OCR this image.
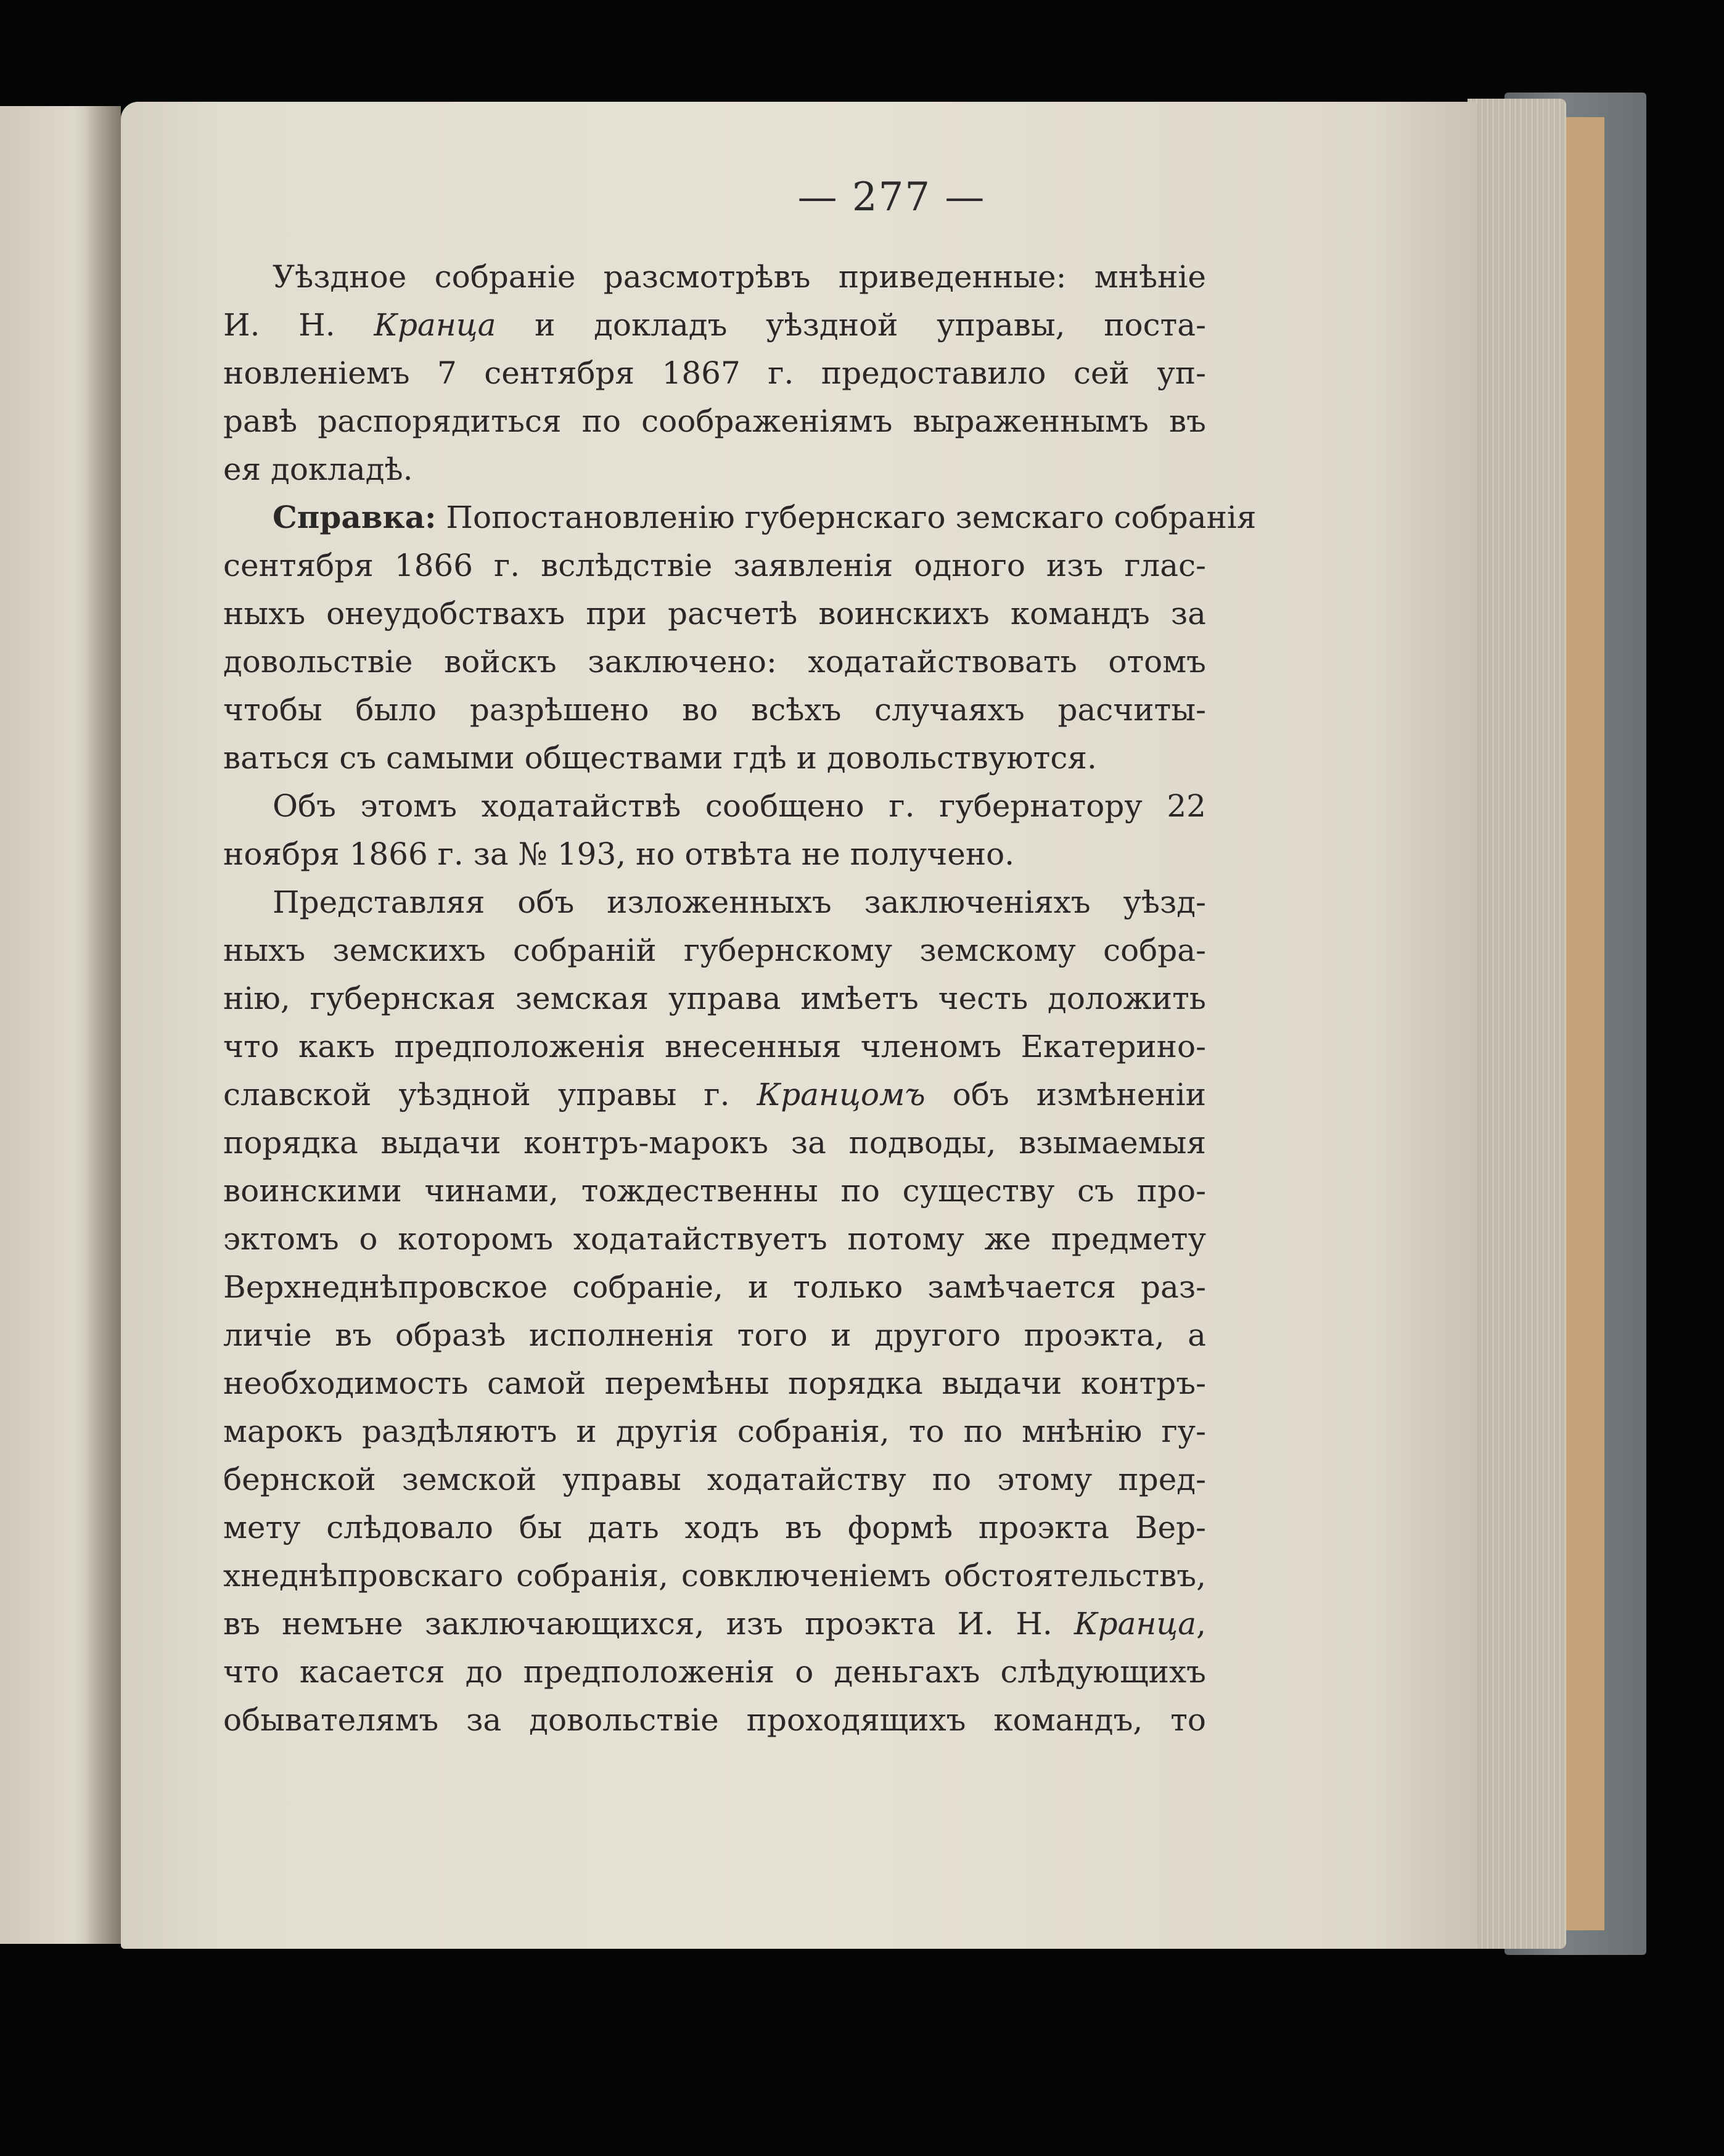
— 277 —
Уѣздное собраніе разсмотрѣвъ приведенные: мнѣніе
И. Н. Кранца и докладъ уѣздной управы, поста-
новленіемъ 7 сентября 1867 г. предоставило сей уп-
равѣ распорядиться по соображеніямъ выраженнымъ въ
ея докладѣ.
Справка: Попостановленію губернскаго земскаго собранія
сентября 1866 г. вслѣдствіе заявленія одного изъ глас-
ныхъ онеудобствахъ при расчетѣ воинскихъ командъ за
довольствіе войскъ заключено: ходатайствовать отомъ
чтобы было разрѣшено во всѣхъ случаяхъ расчиты-
ваться съ самыми обществами гдѣ и довольствуются.
Объ этомъ ходатайствѣ сообщено г. губернатору 22
ноября 1866 г. за № 193, но отвѣта не получено.
Представляя объ изложенныхъ заключеніяхъ уѣзд-
ныхъ земскихъ собраній губернскому земскому собра-
нію, губернская земская управа имѣетъ честь доложить
что какъ предположенія внесенныя членомъ Екатерино-
славской уѣздной управы г. Кранцомъ объ измѣненіи
порядка выдачи контръ-марокъ за подводы, взымаемыя
воинскими чинами, тождественны по существу съ про-
эктомъ о которомъ ходатайствуетъ потому же предмету
Верхнеднѣпровское собраніе, и только замѣчается раз-
личіе въ образѣ исполненія того и другого проэкта, а
необходимость самой перемѣны порядка выдачи контръ-
марокъ раздѣляютъ и другія собранія, то по мнѣнію гу-
бернской земской управы ходатайству по этому пред-
мету слѣдовало бы дать ходъ въ формѣ проэкта Вер-
хнеднѣпровскаго собранія, совключеніемъ обстоятельствъ,
въ немъне заключающихся, изъ проэкта И. Н. Кранца,
что касается до предположенія о деньгахъ слѣдующихъ
обывателямъ за довольствіе проходящихъ командъ, то
